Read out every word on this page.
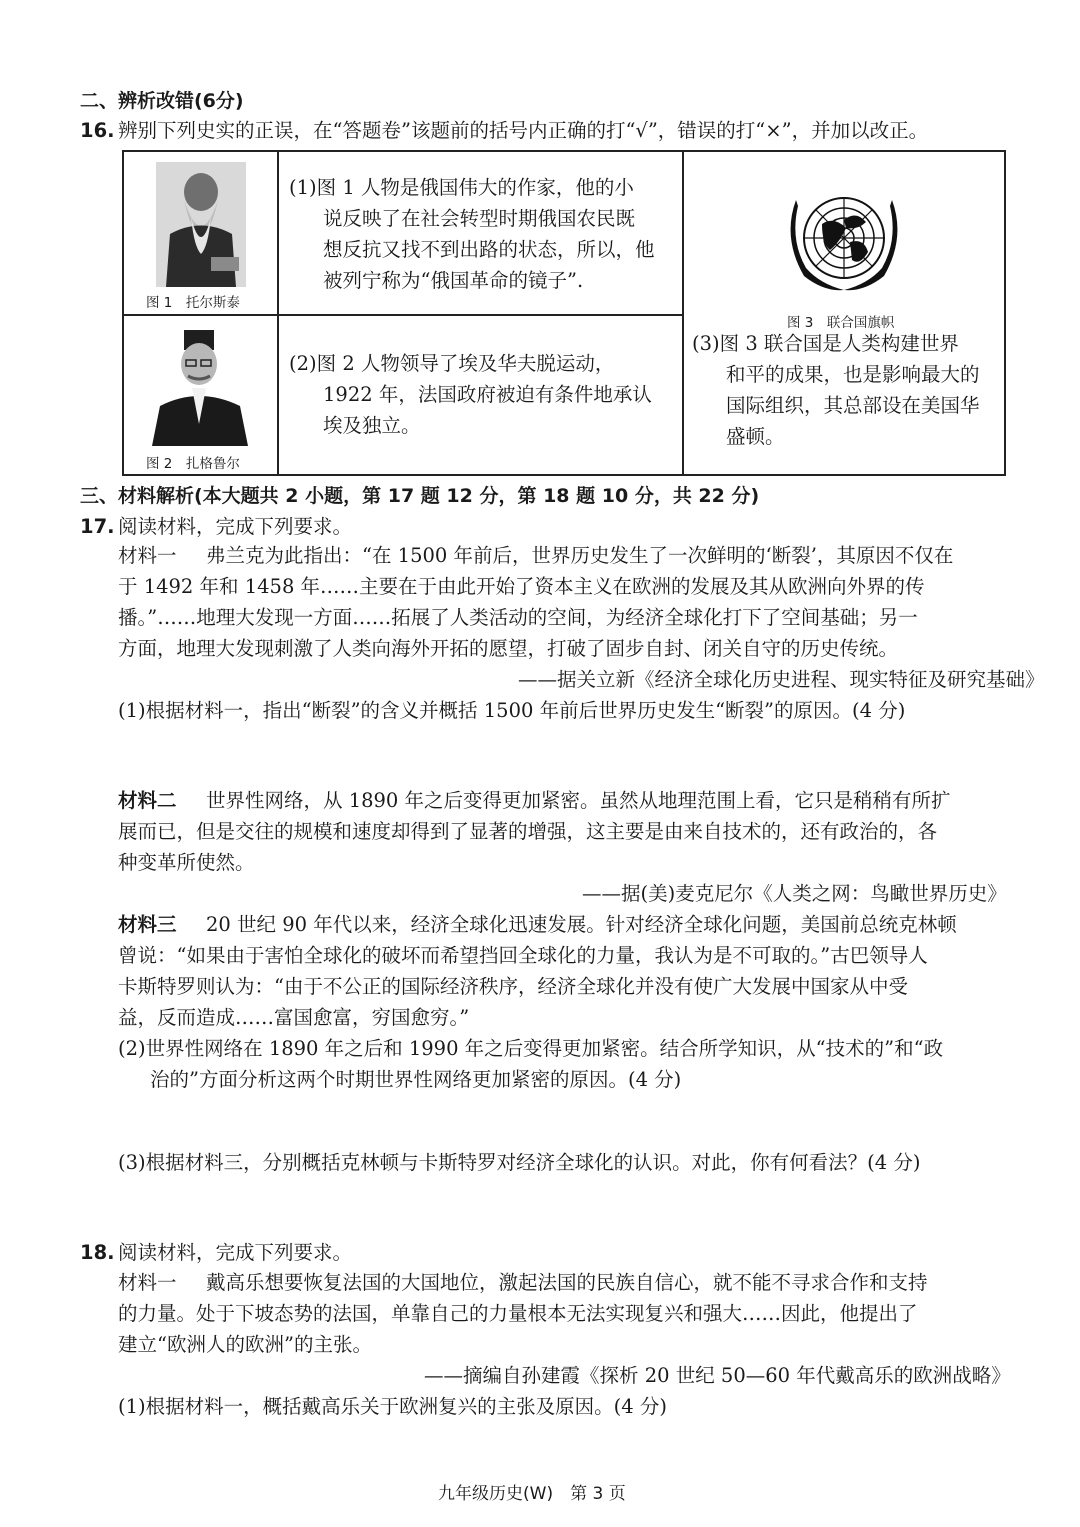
二、辨析改错(6分)
16. 辨别下列史实的正误，在“答题卷”该题前的括号内正确的打“√”，错误的打“×”，并加以改正。
图 1　托尔斯泰
图 2　扎格鲁尔
(1)图 1 人物是俄国伟大的作家，他的小
说反映了在社会转型时期俄国农民既
想反抗又找不到出路的状态，所以，他
被列宁称为“俄国革命的镜子”.
(2)图 2 人物领导了埃及华夫脱运动，
1922 年，法国政府被迫有条件地承认
埃及独立。
图 3　联合国旗帜
(3)图 3 联合国是人类构建世界
和平的成果，也是影响最大的
国际组织，其总部设在美国华
盛顿。
三、材料解析(本大题共 2 小题，第 17 题 12 分，第 18 题 10 分，共 22 分)
17. 阅读材料，完成下列要求。
材料一 弗兰克为此指出：“在 1500 年前后，世界历史发生了一次鲜明的‘断裂’，其原因不仅在
于 1492 年和 1458 年……主要在于由此开始了资本主义在欧洲的发展及其从欧洲向外界的传
播。”……地理大发现一方面……拓展了人类活动的空间，为经济全球化打下了空间基础；另一
方面，地理大发现刺激了人类向海外开拓的愿望，打破了固步自封、闭关自守的历史传统。
——据关立新《经济全球化历史进程、现实特征及研究基础》
(1)根据材料一，指出“断裂”的含义并概括 1500 年前后世界历史发生“断裂”的原因。(4 分)
材料二 世界性网络，从 1890 年之后变得更加紧密。虽然从地理范围上看，它只是稍稍有所扩
展而已，但是交往的规模和速度却得到了显著的增强，这主要是由来自技术的，还有政治的，各
种变革所使然。
——据(美)麦克尼尔《人类之网：鸟瞰世界历史》
材料三 20 世纪 90 年代以来，经济全球化迅速发展。针对经济全球化问题，美国前总统克林顿
曾说：“如果由于害怕全球化的破坏而希望挡回全球化的力量，我认为是不可取的。”古巴领导人
卡斯特罗则认为：“由于不公正的国际经济秩序，经济全球化并没有使广大发展中国家从中受
益，反而造成……富国愈富，穷国愈穷。”
(2)世界性网络在 1890 年之后和 1990 年之后变得更加紧密。结合所学知识，从“技术的”和“政
治的”方面分析这两个时期世界性网络更加紧密的原因。(4 分)
(3)根据材料三，分别概括克林顿与卡斯特罗对经济全球化的认识。对此，你有何看法？(4 分)
18. 阅读材料，完成下列要求。
材料一 戴高乐想要恢复法国的大国地位，激起法国的民族自信心，就不能不寻求合作和支持
的力量。处于下坡态势的法国，单靠自己的力量根本无法实现复兴和强大……因此，他提出了
建立“欧洲人的欧洲”的主张。
——摘编自孙建霞《探析 20 世纪 50—60 年代戴高乐的欧洲战略》
(1)根据材料一，概括戴高乐关于欧洲复兴的主张及原因。(4 分)
九年级历史(W)　第 3 页
